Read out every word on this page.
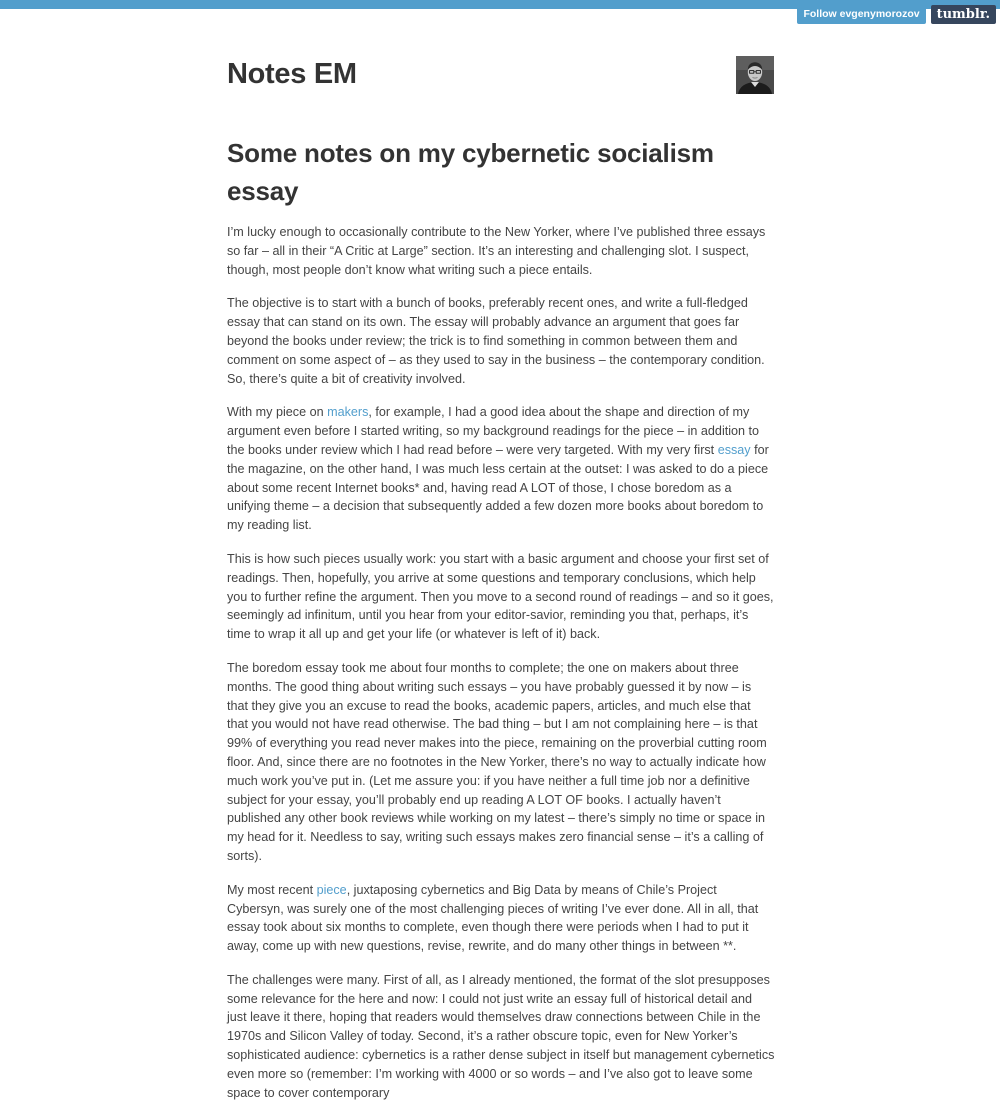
Follow evgenymorozov	tumblr.
Notes EM
Some notes on my cybernetic socialism essay

I’m lucky enough to occasionally contribute to the New Yorker, where I’ve published three essays so far – all in their “A Critic at Large” section. It’s an interesting and challenging slot. I suspect, though, most people don’t know what writing such a piece entails.

The objective is to start with a bunch of books, preferably recent ones, and write a full-fledged essay that can stand on its own. The essay will probably advance an argument that goes far beyond the books under review; the trick is to find something in common between them and comment on some aspect of – as they used to say in the business – the contemporary condition. So, there’s quite a bit of creativity involved.

With my piece on makers, for example, I had a good idea about the shape and direction of my argument even before I started writing, so my background readings for the piece – in addition to the books under review which I had read before – were very targeted. With my very first essay for the magazine, on the other hand, I was much less certain at the outset: I was asked to do a piece about some recent Internet books* and, having read A LOT of those, I chose boredom as a unifying theme – a decision that subsequently added a few dozen more books about boredom to my reading list.

This is how such pieces usually work: you start with a basic argument and choose your first set of readings. Then, hopefully, you arrive at some questions and temporary conclusions, which help you to further refine the argument. Then you move to a second round of readings – and so it goes, seemingly ad infinitum, until you hear from your editor-savior, reminding you that, perhaps, it’s time to wrap it all up and get your life (or whatever is left of it) back.

The boredom essay took me about four months to complete; the one on makers about three months. The good thing about writing such essays – you have probably guessed it by now – is that they give you an excuse to read the books, academic papers, articles, and much else that that you would not have read otherwise. The bad thing – but I am not complaining here – is that 99% of everything you read never makes into the piece, remaining on the proverbial cutting room floor. And, since there are no footnotes in the New Yorker, there’s no way to actually indicate how much work you’ve put in. (Let me assure you: if you have neither a full time job nor a definitive subject for your essay, you’ll probably end up reading A LOT OF books. I actually haven’t published any other book reviews while working on my latest – there’s simply no time or space in my head for it. Needless to say, writing such essays makes zero financial sense – it’s a calling of sorts).

My most recent piece, juxtaposing cybernetics and Big Data by means of Chile’s Project Cybersyn, was surely one of the most challenging pieces of writing I’ve ever done. All in all, that essay took about six months to complete, even though there were periods when I had to put it away, come up with new questions, revise, rewrite, and do many other things in between **.

The challenges were many. First of all, as I already mentioned, the format of the slot presupposes some relevance for the here and now: I could not just write an essay full of historical detail and just leave it there, hoping that readers would themselves draw connections between Chile in the 1970s and Silicon Valley of today. Second, it’s a rather obscure topic, even for New Yorker’s sophisticated audience: cybernetics is a rather dense subject in itself but management cybernetics even more so (remember: I’m working with 4000 or so words – and I’ve also got to leave some space to cover contemporary
